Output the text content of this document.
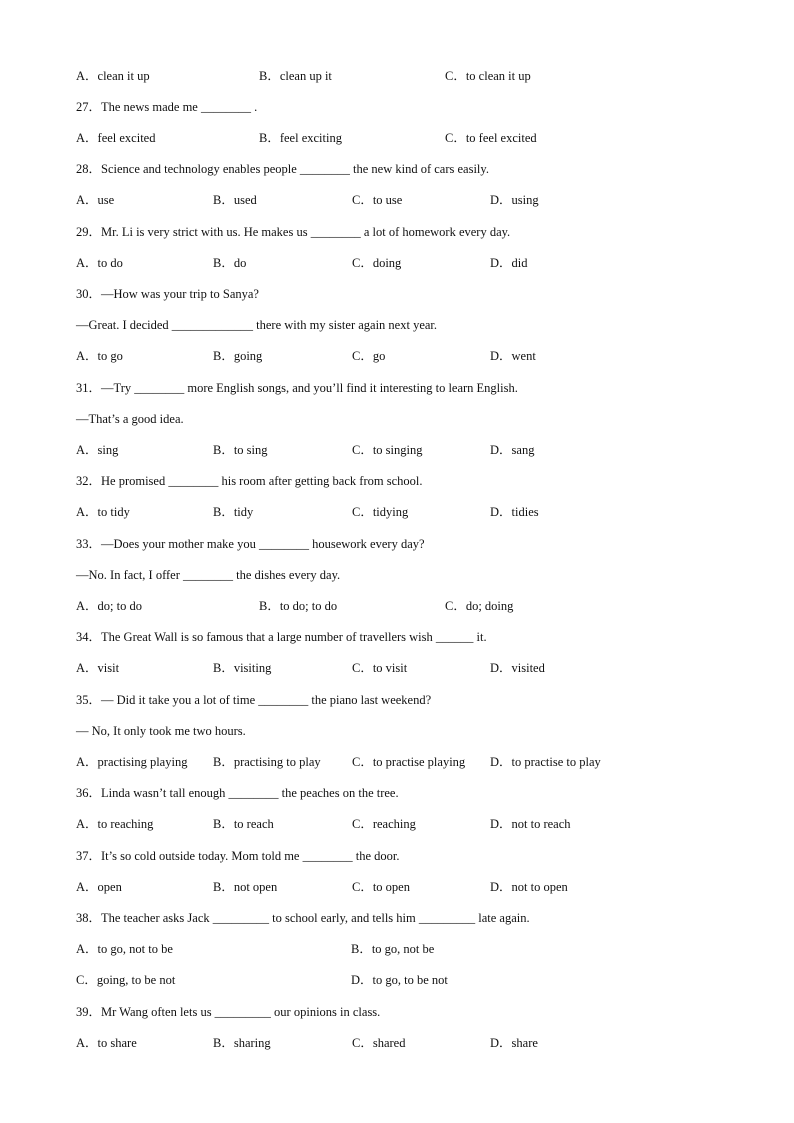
A．clean it up	B．clean up it	C．to clean it up
27．The news made me ________ .
A．feel excited	B．feel exciting	C．to feel excited
28．Science and technology enables people ________ the new kind of cars easily.
A．use	B．used	C．to use	D．using
29．Mr. Li is very strict with us. He makes us ________ a lot of homework every day.
A．to do	B．do	C．doing	D．did
30．—How was your trip to Sanya?
—Great. I decided _____________ there with my sister again next year.
A．to go	B．going	C．go	D．went
31．—Try ________ more English songs, and you’ll find it interesting to learn English.
—That’s a good idea.
A．sing	B．to sing	C．to singing	D．sang
32．He promised ________ his room after getting back from school.
A．to tidy	B．tidy	C．tidying	D．tidies
33．—Does your mother make you ________ housework every day?
—No. In fact, I offer ________ the dishes every day.
A．do; to do	B．to do; to do	C．do; doing
34．The Great Wall is so famous that a large number of travellers wish ______ it.
A．visit	B．visiting	C．to visit	D．visited
35．— Did it take you a lot of time ________ the piano last weekend?
— No, It only took me two hours.
A．practising playing B．practising to play	C．to practise playing D．to practise to play
36．Linda wasn’t tall enough ________ the peaches on the tree.
A．to reaching	B．to reach	C．reaching	D．not to reach
37．It’s so cold outside today. Mom told me ________ the door.
A．open	B．not open	C．to open	D．not to open
38．The teacher asks Jack _________ to school early, and tells him _________ late again.
A．to go, not to be	B．to go, not be
C．going, to be not	D．to go, to be not
39．Mr Wang often lets us _________ our opinions in class.
A．to share	B．sharing	C．shared	D．share
